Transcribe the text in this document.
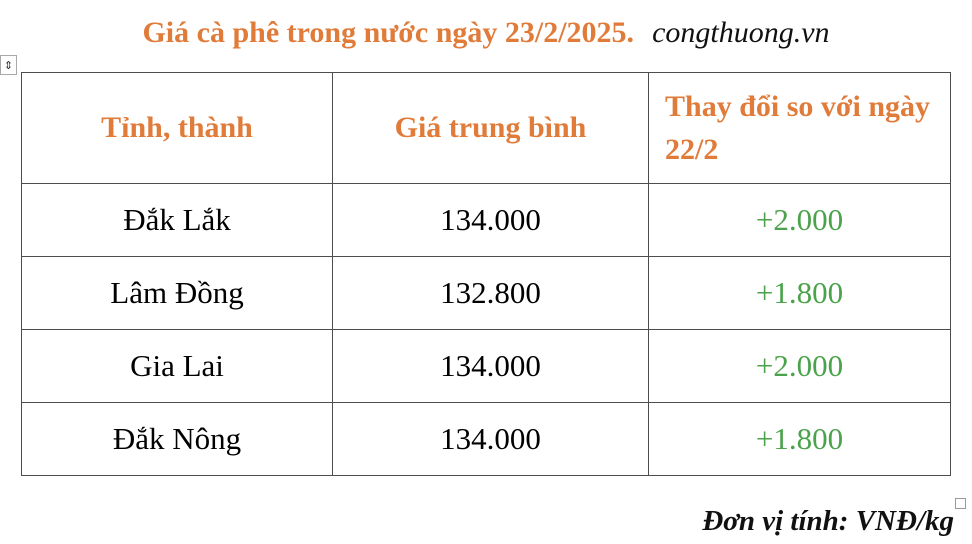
Giá cà phê trong nước ngày 23/2/2025. congthuong.vn
⇕
Tỉnh, thành	Giá trung bình	Thay đổi so với ngày 22/2
Đắk Lắk	134.000	+2.000
Lâm Đồng	132.800	+1.800
Gia Lai	134.000	+2.000
Đắk Nông	134.000	+1.800
Đơn vị tính: VNĐ/kg
